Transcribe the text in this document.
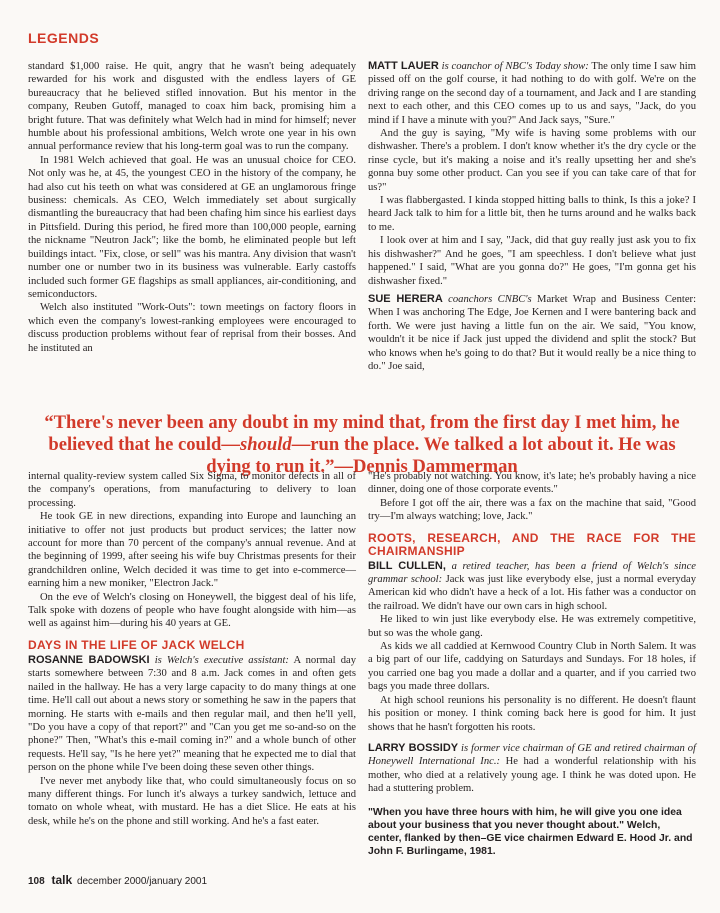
LEGENDS

standard $1,000 raise. He quit, angry that he wasn't being adequately rewarded for his work and disgusted with the endless layers of GE bureaucracy that he believed stifled innovation. But his mentor in the company, Reuben Gutoff, managed to coax him back, promising him a bright future. That was definitely what Welch had in mind for himself; never humble about his professional ambitions, Welch wrote one year in his own annual performance review that his long-term goal was to run the company.

In 1981 Welch achieved that goal. He was an unusual choice for CEO. Not only was he, at 45, the youngest CEO in the history of the company, he had also cut his teeth on what was considered at GE an unglamorous fringe business: chemicals. As CEO, Welch immediately set about surgically dismantling the bureaucracy that had been chafing him since his earliest days in Pittsfield. During this period, he fired more than 100,000 people, earning the nickname "Neutron Jack"; like the bomb, he eliminated people but left buildings intact. "Fix, close, or sell" was his mantra. Any division that wasn't number one or number two in its business was vulnerable. Early castoffs included such former GE flagships as small appliances, air-conditioning, and semiconductors.

Welch also instituted "Work-Outs": town meetings on factory floors in which even the company's lowest-ranking employees were encouraged to discuss production problems without fear of reprisal from their bosses. And he instituted an

MATT LAUER is coanchor of NBC's Today show: The only time I saw him pissed off on the golf course, it had nothing to do with golf. We're on the driving range on the second day of a tournament, and Jack and I are standing next to each other, and this CEO comes up to us and says, "Jack, do you mind if I have a minute with you?" And Jack says, "Sure."

And the guy is saying, "My wife is having some problems with our dishwasher. There's a problem. I don't know whether it's the dry cycle or the rinse cycle, but it's making a noise and it's really upsetting her and she's gonna buy some other product. Can you see if you can take care of that for us?"

I was flabbergasted. I kinda stopped hitting balls to think, Is this a joke? I heard Jack talk to him for a little bit, then he turns around and he walks back to me.

I look over at him and I say, "Jack, did that guy really just ask you to fix his dishwasher?" And he goes, "I am speechless. I don't believe what just happened." I said, "What are you gonna do?" He goes, "I'm gonna get his dishwasher fixed."

SUE HERERA coanchors CNBC's Market Wrap and Business Center: When I was anchoring The Edge, Joe Kernen and I were bantering back and forth. We were just having a little fun on the air. We said, "You know, wouldn't it be nice if Jack just upped the dividend and split the stock? But who knows when he's going to do that? But it would really be a nice thing to do." Joe said,

“There's never been any doubt in my mind that, from the first day I met him, he believed that he could—should—run the place. We talked a lot about it. He was dying to run it.”—Dennis Dammerman

internal quality-review system called Six Sigma, to monitor defects in all of the company's operations, from manufacturing to delivery to loan processing.

He took GE in new directions, expanding into Europe and launching an initiative to offer not just products but product services; the latter now account for more than 70 percent of the company's annual revenue. And at the beginning of 1999, after seeing his wife buy Christmas presents for their grandchildren online, Welch decided it was time to get into e-commerce—earning him a new moniker, "Electron Jack."

On the eve of Welch's closing on Honeywell, the biggest deal of his life, Talk spoke with dozens of people who have fought alongside with him—as well as against him—during his 40 years at GE.

DAYS IN THE LIFE OF JACK WELCH

ROSANNE BADOWSKI is Welch's executive assistant: A normal day starts somewhere between 7:30 and 8 a.m. Jack comes in and often gets nailed in the hallway. He has a very large capacity to do many things at one time. He'll call out about a news story or something he saw in the papers that morning. He starts with e-mails and then regular mail, and then he'll yell, "Do you have a copy of that report?" and "Can you get me so-and-so on the phone?" Then, "What's this e-mail coming in?" and a whole bunch of other requests. He'll say, "Is he here yet?" meaning that he expected me to dial that person on the phone while I've been doing these seven other things.

I've never met anybody like that, who could simultaneously focus on so many different things. For lunch it's always a turkey sandwich, lettuce and tomato on whole wheat, with mustard. He has a diet Slice. He eats at his desk, while he's on the phone and still working. And he's a fast eater.

"He's probably not watching. You know, it's late; he's probably having a nice dinner, doing one of those corporate events."

Before I got off the air, there was a fax on the machine that said, "Good try—I'm always watching; love, Jack."

ROOTS, RESEARCH, AND THE RACE FOR THE CHAIRMANSHIP

BILL CULLEN, a retired teacher, has been a friend of Welch's since grammar school: Jack was just like everybody else, just a normal everyday American kid who didn't have a heck of a lot. His father was a conductor on the railroad. We didn't have our own cars in high school.

He liked to win just like everybody else. He was extremely competitive, but so was the whole gang.

As kids we all caddied at Kernwood Country Club in North Salem. It was a big part of our life, caddying on Saturdays and Sundays. For 18 holes, if you carried one bag you made a dollar and a quarter, and if you carried two bags you made three dollars.

At high school reunions his personality is no different. He doesn't flaunt his position or money. I think coming back here is good for him. It just shows that he hasn't forgotten his roots.

LARRY BOSSIDY is former vice chairman of GE and retired chairman of Honeywell International Inc.: He had a wonderful relationship with his mother, who died at a relatively young age. I think he was doted upon. He had a stuttering problem.

"When you have three hours with him, he will give you one idea about your business that you never thought about." Welch, center, flanked by then–GE vice chairmen Edward E. Hood Jr. and John F. Burlingame, 1981.
108 talk december 2000/january 2001
